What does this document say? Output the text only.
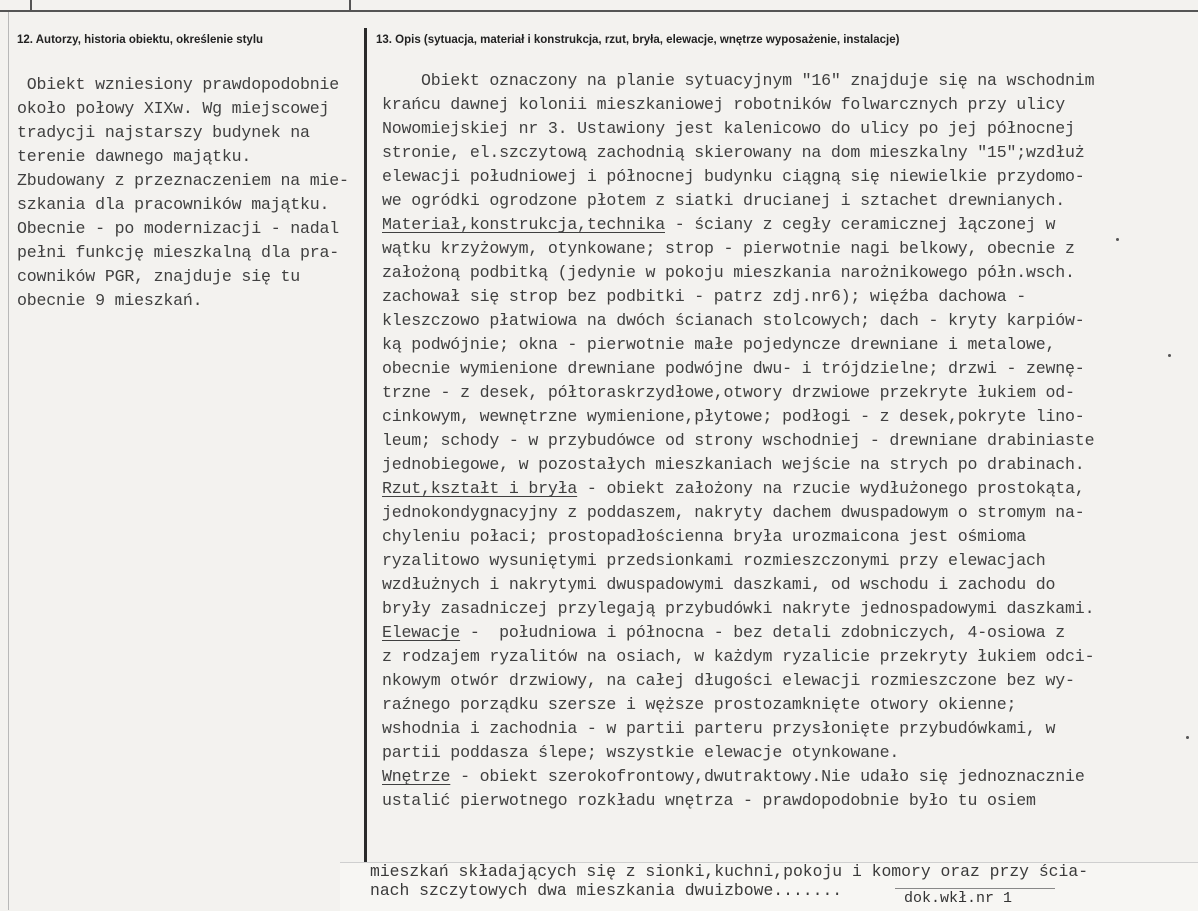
12. Autorzy, historia obiektu, określenie stylu	13. Opis (sytuacja, materiał i konstrukcja, rzut, bryła, elewacje, wnętrze wyposażenie, instalacje)
Obiekt wzniesiony prawdopodobnie
około połowy XIXw. Wg miejscowej
tradycji najstarszy budynek na
terenie dawnego majątku.
Zbudowany z przeznaczeniem na mie-
szkania dla pracowników majątku.
Obecnie - po modernizacji - nadal
pełni funkcję mieszkalną dla pra-
cowników PGR, znajduje się tu
obecnie 9 mieszkań.
Obiekt oznaczony na planie sytuacyjnym "16" znajduje się na wschodnim
krańcu dawnej kolonii mieszkaniowej robotników folwarcznych przy ulicy
Nowomiejskiej nr 3. Ustawiony jest kalenicowo do ulicy po jej północnej
stronie, el.szczytową zachodnią skierowany na dom mieszkalny "15";wzdłuż
elewacji południowej i północnej budynku ciągną się niewielkie przydomo-
we ogródki ogrodzone płotem z siatki drucianej i sztachet drewnianych.
Materiał,konstrukcja,technika - ściany z cegły ceramicznej łączonej w
wątku krzyżowym, otynkowane; strop - pierwotnie nagi belkowy, obecnie z
założoną podbitką (jedynie w pokoju mieszkania narożnikowego półn.wsch.
zachował się strop bez podbitki - patrz zdj.nr6); więźba dachowa -
kleszczowo płatwiowa na dwóch ścianach stolcowych; dach - kryty karpiów-
ką podwójnie; okna - pierwotnie małe pojedyncze drewniane i metalowe,
obecnie wymienione drewniane podwójne dwu- i trójdzielne; drzwi - zewnę-
trzne - z desek, półtoraskrzydłowe,otwory drzwiowe przekryte łukiem od-
cinkowym, wewnętrzne wymienione,płytowe; podłogi - z desek,pokryte lino-
leum; schody - w przybudówce od strony wschodniej - drewniane drabiniaste
jednobiegowe, w pozostałych mieszkaniach wejście na strych po drabinach.
Rzut,kształt i bryła - obiekt założony na rzucie wydłużonego prostokąta,
jednokondygnacyjny z poddaszem, nakryty dachem dwuspadowym o stromym na-
chyleniu połaci; prostopadłościenna bryła urozmaicona jest ośmioma
ryzalitowo wysuniętymi przedsionkami rozmieszczonymi przy elewacjach
wzdłużnych i nakrytymi dwuspadowymi daszkami, od wschodu i zachodu do
bryły zasadniczej przylegają przybudówki nakryte jednospadowymi daszkami.
Elewacje -  południowa i północna - bez detali zdobniczych, 4-osiowa z
z rodzajem ryzalitów na osiach, w każdym ryzalicie przekryty łukiem odci-
nkowym otwór drzwiowy, na całej długości elewacji rozmieszczone bez wy-
raźnego porządku szersze i węższe prostozamknięte otwory okienne;
wshodnia i zachodnia - w partii parteru przysłonięte przybudówkami, w
partii poddasza ślepe; wszystkie elewacje otynkowane.
Wnętrze - obiekt szerokofrontowy,dwutraktowy.Nie udało się jednoznacznie
ustalić pierwotnego rozkładu wnętrza - prawdopodobnie było tu osiem
mieszkań składających się z sionki,kuchni,pokoju i komory oraz przy ścia-
nach szczytowych dwa mieszkania dwuizbowe.......	dok.wkł.nr 1
